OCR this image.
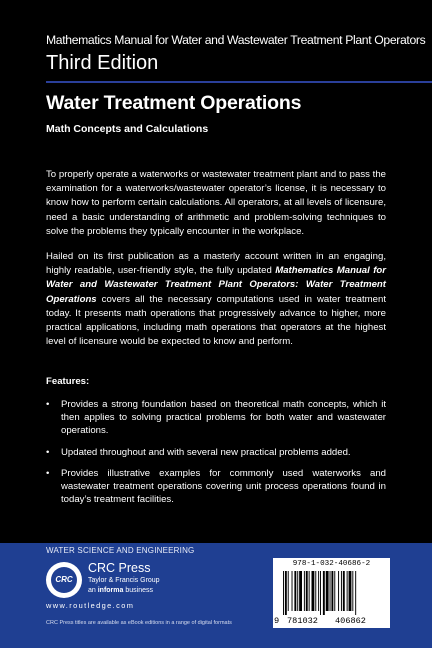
Mathematics Manual for Water and Wastewater Treatment Plant Operators
Third Edition
Water Treatment Operations
Math Concepts and Calculations
To properly operate a waterworks or wastewater treatment plant and to pass the examination for a waterworks/wastewater operator’s license, it is necessary to know how to perform certain calculations. All operators, at all levels of licensure, need a basic understanding of arithmetic and problem-solving techniques to solve the problems they typically encounter in the workplace.
Hailed on its first publication as a masterly account written in an engaging, highly readable, user-friendly style, the fully updated Mathematics Manual for Water and Wastewater Treatment Plant Operators: Water Treatment Operations covers all the necessary computations used in water treatment today. It presents math operations that progressively advance to higher, more practical applications, including math operations that operators at the highest level of licensure would be expected to know and perform.
Features:
• Provides a strong foundation based on theoretical math concepts, which it then applies to solving practical problems for both water and wastewater operations.
• Updated throughout and with several new practical problems added.
• Provides illustrative examples for commonly used waterworks and wastewater treatment operations covering unit process operations found in today’s treatment facilities.
WATER SCIENCE AND ENGINEERING
CRC
CRC Press
Taylor & Francis Group
an informa business
www.routledge.com
CRC Press titles are available as eBook editions in a range of digital formats
978-1-032-40686-2
9 781032 406862
